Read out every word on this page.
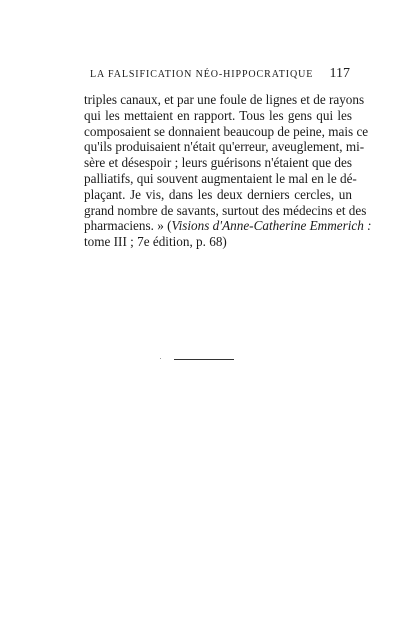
LA FALSIFICATION NÉO-HIPPOCRATIQUE 117
triples canaux, et par une foule de lignes et de rayons
qui les mettaient en rapport. Tous les gens qui les
composaient se donnaient beaucoup de peine, mais ce
qu'ils produisaient n'était qu'erreur, aveuglement, mi-
sère et désespoir ; leurs guérisons n'étaient que des
palliatifs, qui souvent augmentaient le mal en le dé-
plaçant. Je vis, dans les deux derniers cercles, un
grand nombre de savants, surtout des médecins et des
pharmaciens. » (Visions d'Anne-Catherine Emmerich :
tome III ; 7e édition, p. 68)
